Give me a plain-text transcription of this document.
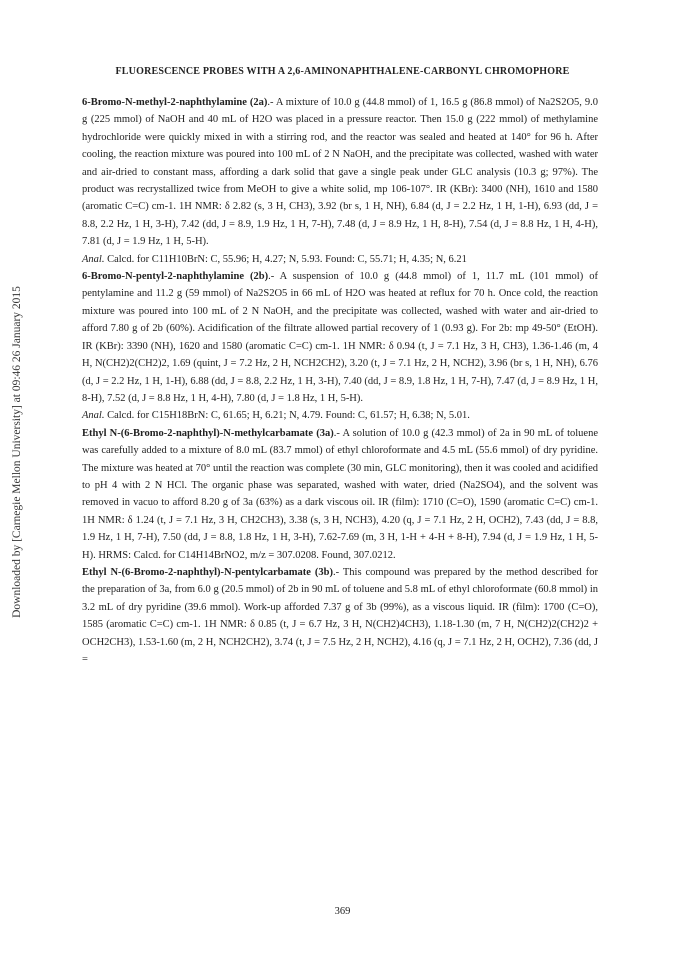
Downloaded by [Carnegie Mellon University] at 09:46 26 January 2015
FLUORESCENCE PROBES WITH A 2,6-AMINONAPHTHALENE-CARBONYL CHROMOPHORE

6-Bromo-N-methyl-2-naphthylamine (2a).- A mixture of 10.0 g (44.8 mmol) of 1, 16.5 g (86.8 mmol) of Na2S2O5, 9.0 g (225 mmol) of NaOH and 40 mL of H2O was placed in a pressure reactor. Then 15.0 g (222 mmol) of methylamine hydrochloride were quickly mixed in with a stirring rod, and the reactor was sealed and heated at 140° for 96 h. After cooling, the reaction mixture was poured into 100 mL of 2 N NaOH, and the precipitate was collected, washed with water and air-dried to constant mass, affording a dark solid that gave a single peak under GLC analysis (10.3 g; 97%). The product was recrystallized twice from MeOH to give a white solid, mp 106-107°. IR (KBr): 3400 (NH), 1610 and 1580 (aromatic C=C) cm-1. 1H NMR: δ 2.82 (s, 3 H, CH3), 3.92 (br s, 1 H, NH), 6.84 (d, J = 2.2 Hz, 1 H, 1-H), 6.93 (dd, J = 8.8, 2.2 Hz, 1 H, 3-H), 7.42 (dd, J = 8.9, 1.9 Hz, 1 H, 7-H), 7.48 (d, J = 8.9 Hz, 1 H, 8-H), 7.54 (d, J = 8.8 Hz, 1 H, 4-H), 7.81 (d, J = 1.9 Hz, 1 H, 5-H).

Anal. Calcd. for C11H10BrN: C, 55.96; H, 4.27; N, 5.93. Found: C, 55.71; H, 4.35; N, 6.21

6-Bromo-N-pentyl-2-naphthylamine (2b).- A suspension of 10.0 g (44.8 mmol) of 1, 11.7 mL (101 mmol) of pentylamine and 11.2 g (59 mmol) of Na2S2O5 in 66 mL of H2O was heated at reflux for 70 h. Once cold, the reaction mixture was poured into 100 mL of 2 N NaOH, and the precipitate was collected, washed with water and air-dried to afford 7.80 g of 2b (60%). Acidification of the filtrate allowed partial recovery of 1 (0.93 g). For 2b: mp 49-50° (EtOH). IR (KBr): 3390 (NH), 1620 and 1580 (aromatic C=C) cm-1. 1H NMR: δ 0.94 (t, J = 7.1 Hz, 3 H, CH3), 1.36-1.46 (m, 4 H, N(CH2)2(CH2)2, 1.69 (quint, J = 7.2 Hz, 2 H, NCH2CH2), 3.20 (t, J = 7.1 Hz, 2 H, NCH2), 3.96 (br s, 1 H, NH), 6.76 (d, J = 2.2 Hz, 1 H, 1-H), 6.88 (dd, J = 8.8, 2.2 Hz, 1 H, 3-H), 7.40 (dd, J = 8.9, 1.8 Hz, 1 H, 7-H), 7.47 (d, J = 8.9 Hz, 1 H, 8-H), 7.52 (d, J = 8.8 Hz, 1 H, 4-H), 7.80 (d, J = 1.8 Hz, 1 H, 5-H).

Anal. Calcd. for C15H18BrN: C, 61.65; H, 6.21; N, 4.79. Found: C, 61.57; H, 6.38; N, 5.01.

Ethyl N-(6-Bromo-2-naphthyl)-N-methylcarbamate (3a).- A solution of 10.0 g (42.3 mmol) of 2a in 90 mL of toluene was carefully added to a mixture of 8.0 mL (83.7 mmol) of ethyl chloroformate and 4.5 mL (55.6 mmol) of dry pyridine. The mixture was heated at 70° until the reaction was complete (30 min, GLC monitoring), then it was cooled and acidified to pH 4 with 2 N HCl. The organic phase was separated, washed with water, dried (Na2SO4), and the solvent was removed in vacuo to afford 8.20 g of 3a (63%) as a dark viscous oil. IR (film): 1710 (C=O), 1590 (aromatic C=C) cm-1. 1H NMR: δ 1.24 (t, J = 7.1 Hz, 3 H, CH2CH3), 3.38 (s, 3 H, NCH3), 4.20 (q, J = 7.1 Hz, 2 H, OCH2), 7.43 (dd, J = 8.8, 1.9 Hz, 1 H, 7-H), 7.50 (dd, J = 8.8, 1.8 Hz, 1 H, 3-H), 7.62-7.69 (m, 3 H, 1-H + 4-H + 8-H), 7.94 (d, J = 1.9 Hz, 1 H, 5-H). HRMS: Calcd. for C14H14BrNO2, m/z = 307.0208. Found, 307.0212.

Ethyl N-(6-Bromo-2-naphthyl)-N-pentylcarbamate (3b).- This compound was prepared by the method described for the preparation of 3a, from 6.0 g (20.5 mmol) of 2b in 90 mL of toluene and 5.8 mL of ethyl chloroformate (60.8 mmol) in 3.2 mL of dry pyridine (39.6 mmol). Work-up afforded 7.37 g of 3b (99%), as a viscous liquid. IR (film): 1700 (C=O), 1585 (aromatic C=C) cm-1. 1H NMR: δ 0.85 (t, J = 6.7 Hz, 3 H, N(CH2)4CH3), 1.18-1.30 (m, 7 H, N(CH2)2(CH2)2 + OCH2CH3), 1.53-1.60 (m, 2 H, NCH2CH2), 3.74 (t, J = 7.5 Hz, 2 H, NCH2), 4.16 (q, J = 7.1 Hz, 2 H, OCH2), 7.36 (dd, J =

369
